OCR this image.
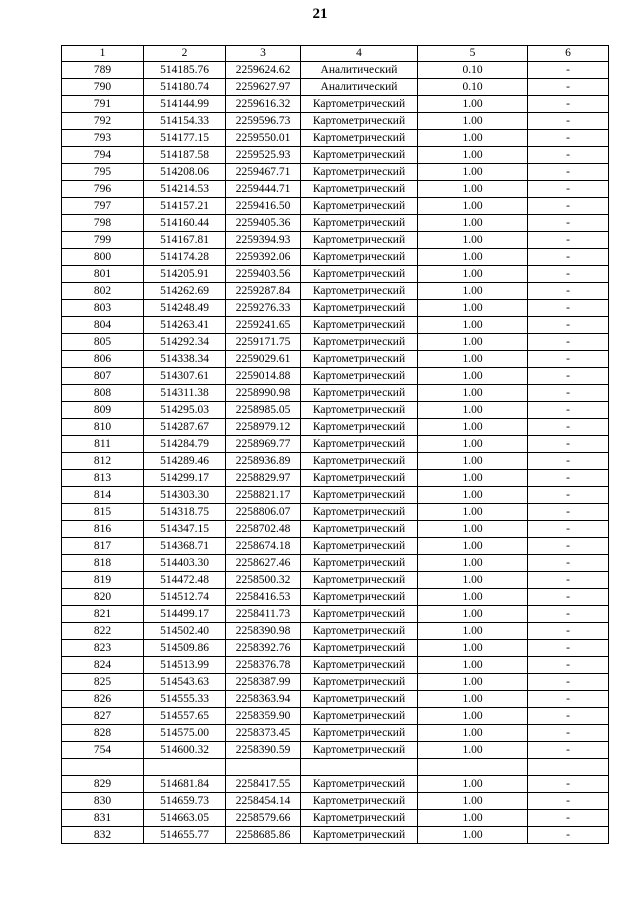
21
1	2	3	4	5	6
789	514185.76	2259624.62	Аналитический	0.10	-
790	514180.74	2259627.97	Аналитический	0.10	-
791	514144.99	2259616.32	Картометрический	1.00	-
792	514154.33	2259596.73	Картометрический	1.00	-
793	514177.15	2259550.01	Картометрический	1.00	-
794	514187.58	2259525.93	Картометрический	1.00	-
795	514208.06	2259467.71	Картометрический	1.00	-
796	514214.53	2259444.71	Картометрический	1.00	-
797	514157.21	2259416.50	Картометрический	1.00	-
798	514160.44	2259405.36	Картометрический	1.00	-
799	514167.81	2259394.93	Картометрический	1.00	-
800	514174.28	2259392.06	Картометрический	1.00	-
801	514205.91	2259403.56	Картометрический	1.00	-
802	514262.69	2259287.84	Картометрический	1.00	-
803	514248.49	2259276.33	Картометрический	1.00	-
804	514263.41	2259241.65	Картометрический	1.00	-
805	514292.34	2259171.75	Картометрический	1.00	-
806	514338.34	2259029.61	Картометрический	1.00	-
807	514307.61	2259014.88	Картометрический	1.00	-
808	514311.38	2258990.98	Картометрический	1.00	-
809	514295.03	2258985.05	Картометрический	1.00	-
810	514287.67	2258979.12	Картометрический	1.00	-
811	514284.79	2258969.77	Картометрический	1.00	-
812	514289.46	2258936.89	Картометрический	1.00	-
813	514299.17	2258829.97	Картометрический	1.00	-
814	514303.30	2258821.17	Картометрический	1.00	-
815	514318.75	2258806.07	Картометрический	1.00	-
816	514347.15	2258702.48	Картометрический	1.00	-
817	514368.71	2258674.18	Картометрический	1.00	-
818	514403.30	2258627.46	Картометрический	1.00	-
819	514472.48	2258500.32	Картометрический	1.00	-
820	514512.74	2258416.53	Картометрический	1.00	-
821	514499.17	2258411.73	Картометрический	1.00	-
822	514502.40	2258390.98	Картометрический	1.00	-
823	514509.86	2258392.76	Картометрический	1.00	-
824	514513.99	2258376.78	Картометрический	1.00	-
825	514543.63	2258387.99	Картометрический	1.00	-
826	514555.33	2258363.94	Картометрический	1.00	-
827	514557.65	2258359.90	Картометрический	1.00	-
828	514575.00	2258373.45	Картометрический	1.00	-
754	514600.32	2258390.59	Картометрический	1.00	-

829	514681.84	2258417.55	Картометрический	1.00	-
830	514659.73	2258454.14	Картометрический	1.00	-
831	514663.05	2258579.66	Картометрический	1.00	-
832	514655.77	2258685.86	Картометрический	1.00	-
